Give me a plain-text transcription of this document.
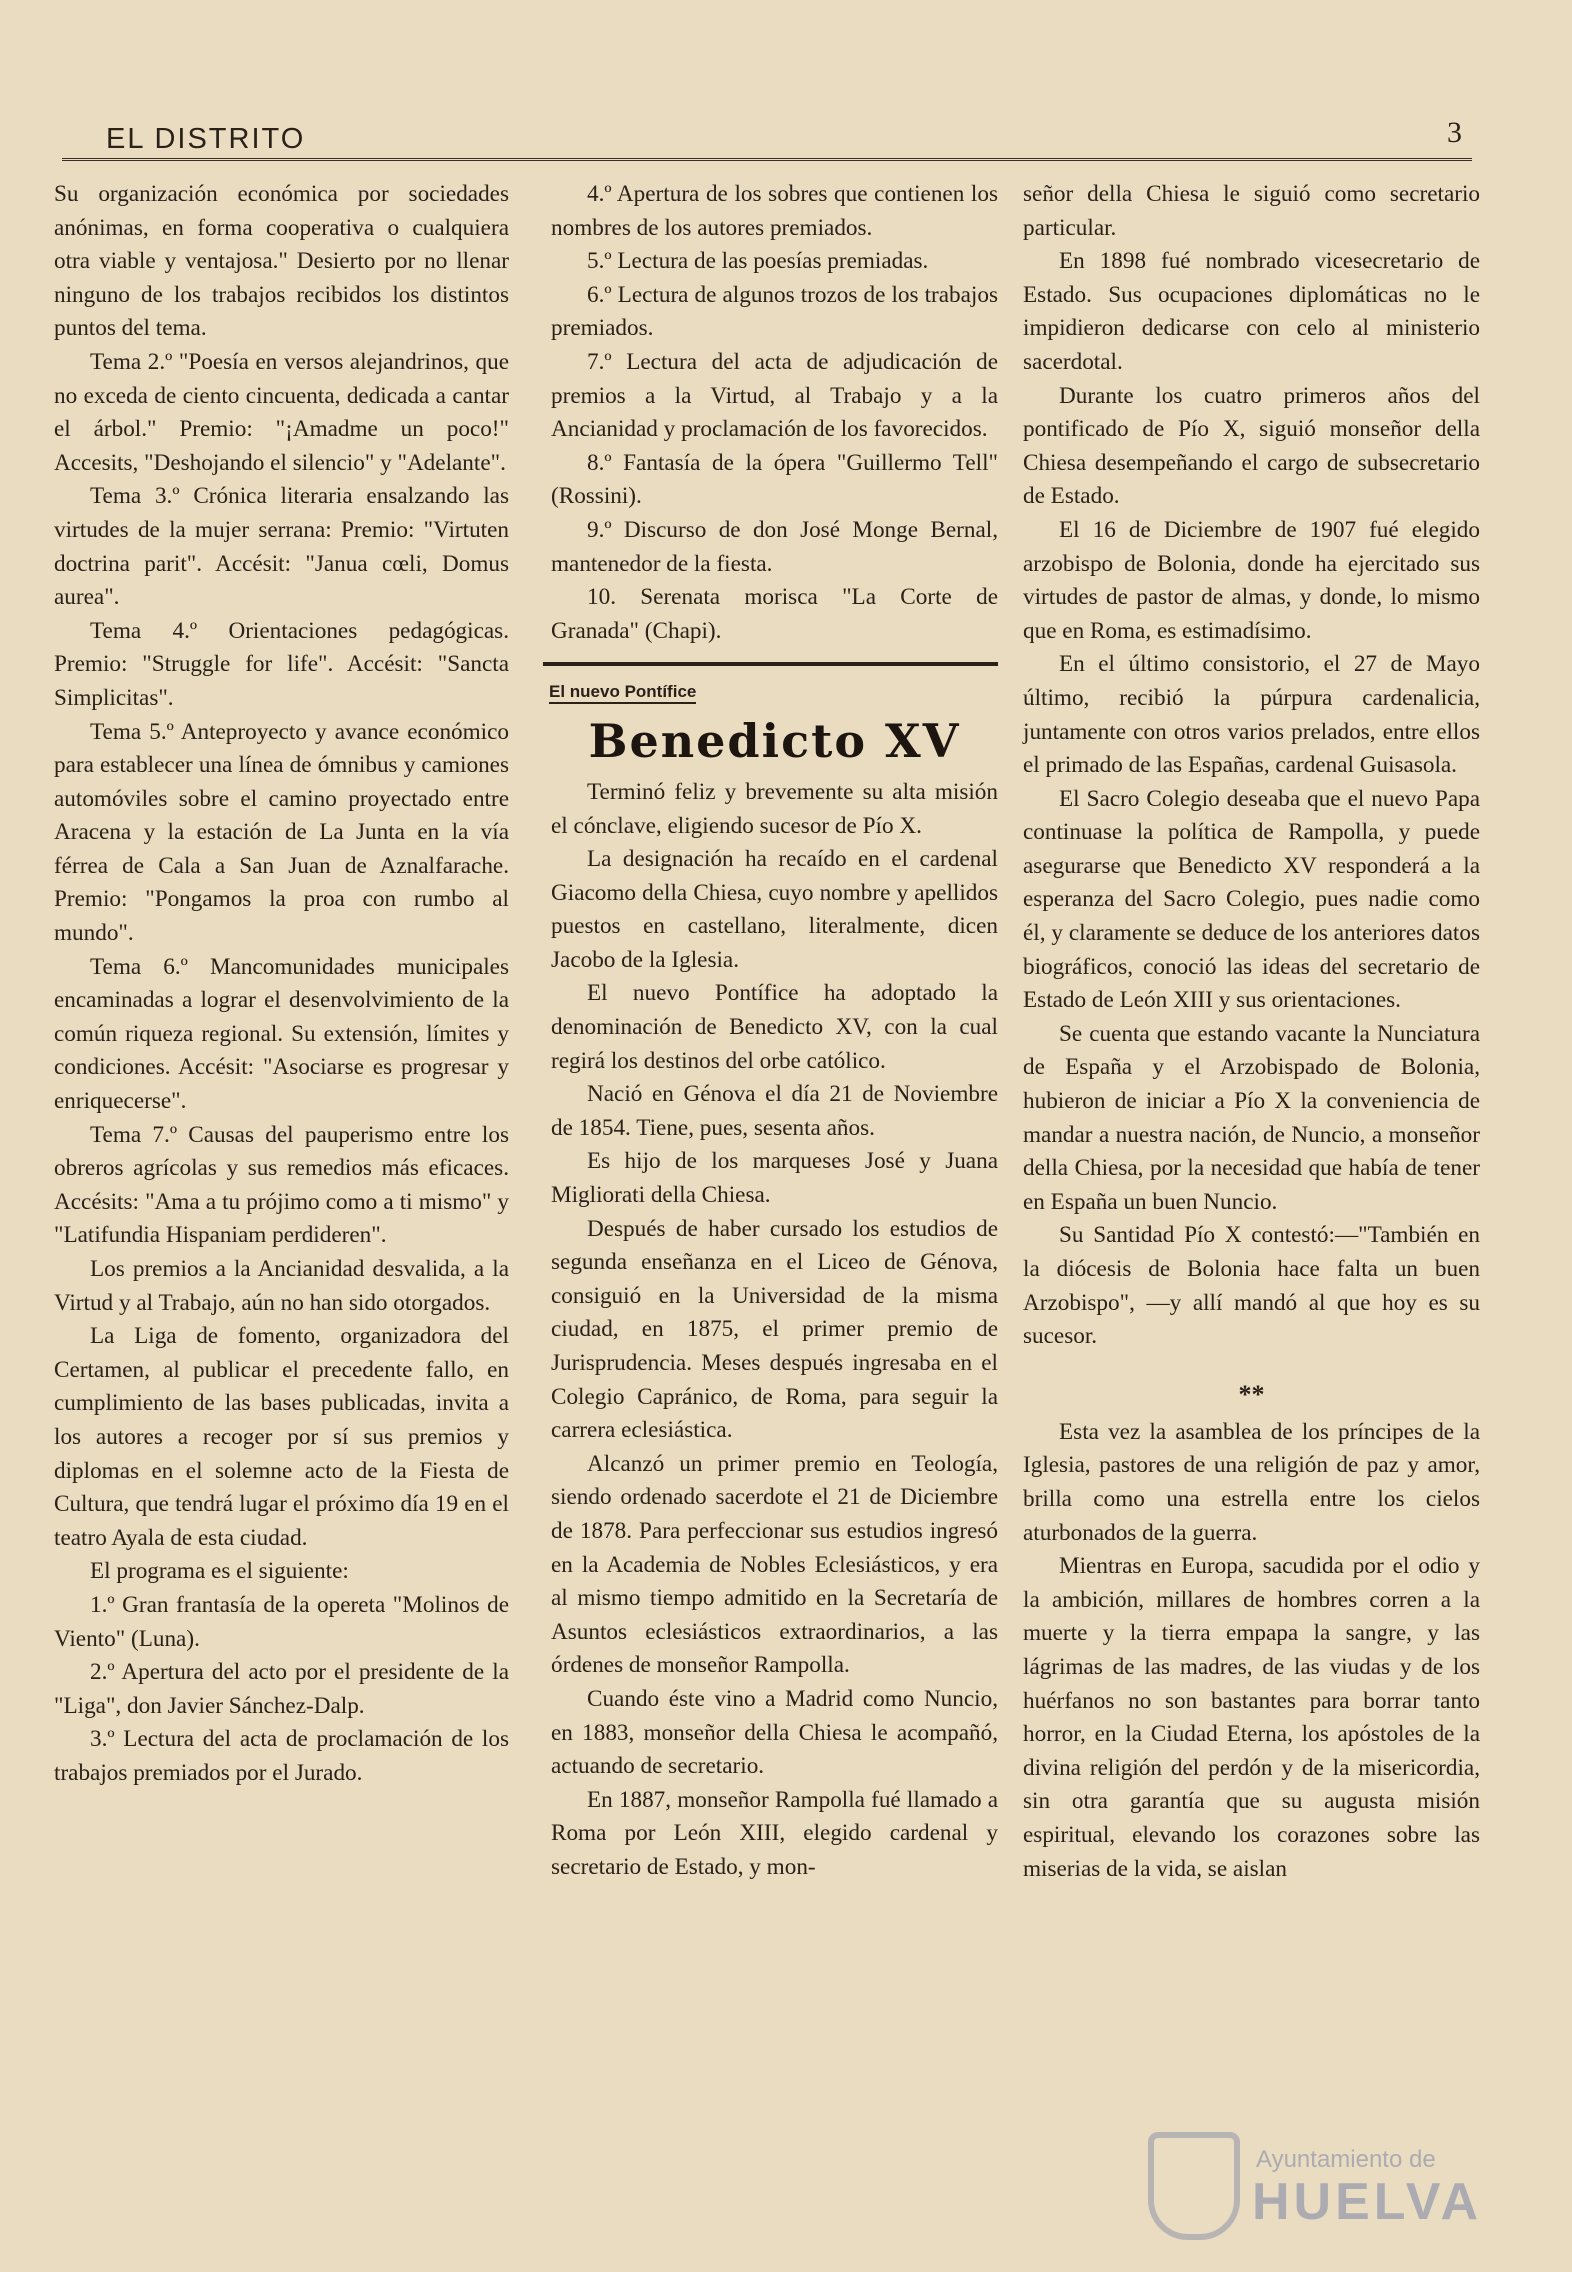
EL DISTRITO	3

Su organización económica por sociedades anónimas, en forma cooperativa o cualquiera otra viable y ventajosa." Desierto por no llenar ninguno de los trabajos recibidos los distintos puntos del tema.

Tema 2.º "Poesía en versos alejandrinos, que no exceda de ciento cincuenta, dedicada a cantar el árbol." Premio: "¡Amadme un poco!" Accesits, "Deshojando el silencio" y "Adelante".

Tema 3.º Crónica literaria ensalzando las virtudes de la mujer serrana: Premio: "Virtuten doctrina parit". Accésit: "Janua cœli, Domus aurea".

Tema 4.º Orientaciones pedagógicas. Premio: "Struggle for life". Accésit: "Sancta Simplicitas".

Tema 5.º Anteproyecto y avance económico para establecer una línea de ómnibus y camiones automóviles sobre el camino proyectado entre Aracena y la estación de La Junta en la vía férrea de Cala a San Juan de Aznalfarache. Premio: "Pongamos la proa con rumbo al mundo".

Tema 6.º Mancomunidades municipales encaminadas a lograr el desenvolvimiento de la común riqueza regional. Su extensión, límites y condiciones. Accésit: "Asociarse es progresar y enriquecerse".

Tema 7.º Causas del pauperismo entre los obreros agrícolas y sus remedios más eficaces. Accésits: "Ama a tu prójimo como a ti mismo" y "Latifundia Hispaniam perdideren".

Los premios a la Ancianidad desvalida, a la Virtud y al Trabajo, aún no han sido otorgados.

La Liga de fomento, organizadora del Certamen, al publicar el precedente fallo, en cumplimiento de las bases publicadas, invita a los autores a recoger por sí sus premios y diplomas en el solemne acto de la Fiesta de Cultura, que tendrá lugar el próximo día 19 en el teatro Ayala de esta ciudad.

El programa es el siguiente:

1.º Gran frantasía de la opereta "Molinos de Viento" (Luna).

2.º Apertura del acto por el presidente de la "Liga", don Javier Sánchez-Dalp.

3.º Lectura del acta de proclamación de los trabajos premiados por el Jurado.

4.º Apertura de los sobres que contienen los nombres de los autores premiados.

5.º Lectura de las poesías premiadas.

6.º Lectura de algunos trozos de los trabajos premiados.

7.º Lectura del acta de adjudicación de premios a la Virtud, al Trabajo y a la Ancianidad y proclamación de los favorecidos.

8.º Fantasía de la ópera "Guillermo Tell" (Rossini).

9.º Discurso de don José Monge Bernal, mantenedor de la fiesta.

10. Serenata morisca "La Corte de Granada" (Chapi).

El nuevo Pontífice
Benedicto XV

Terminó feliz y brevemente su alta misión el cónclave, eligiendo sucesor de Pío X.

La designación ha recaído en el cardenal Giacomo della Chiesa, cuyo nombre y apellidos puestos en castellano, literalmente, dicen Jacobo de la Iglesia.

El nuevo Pontífice ha adoptado la denominación de Benedicto XV, con la cual regirá los destinos del orbe católico.

Nació en Génova el día 21 de Noviembre de 1854. Tiene, pues, sesenta años.

Es hijo de los marqueses José y Juana Migliorati della Chiesa.

Después de haber cursado los estudios de segunda enseñanza en el Liceo de Génova, consiguió en la Universidad de la misma ciudad, en 1875, el primer premio de Jurisprudencia. Meses después ingresaba en el Colegio Capránico, de Roma, para seguir la carrera eclesiástica.

Alcanzó un primer premio en Teología, siendo ordenado sacerdote el 21 de Diciembre de 1878. Para perfeccionar sus estudios ingresó en la Academia de Nobles Eclesiásticos, y era al mismo tiempo admitido en la Secretaría de Asuntos eclesiásticos extraordinarios, a las órdenes de monseñor Rampolla.

Cuando éste vino a Madrid como Nuncio, en 1883, monseñor della Chiesa le acompañó, actuando de secretario.

En 1887, monseñor Rampolla fué llamado a Roma por León XIII, elegido cardenal y secretario de Estado, y mon-

señor della Chiesa le siguió como secretario particular.

En 1898 fué nombrado vicesecretario de Estado. Sus ocupaciones diplomáticas no le impidieron dedicarse con celo al ministerio sacerdotal.

Durante los cuatro primeros años del pontificado de Pío X, siguió monseñor della Chiesa desempeñando el cargo de subsecretario de Estado.

El 16 de Diciembre de 1907 fué elegido arzobispo de Bolonia, donde ha ejercitado sus virtudes de pastor de almas, y donde, lo mismo que en Roma, es estimadísimo.

En el último consistorio, el 27 de Mayo último, recibió la púrpura cardenalicia, juntamente con otros varios prelados, entre ellos el primado de las Españas, cardenal Guisasola.

El Sacro Colegio deseaba que el nuevo Papa continuase la política de Rampolla, y puede asegurarse que Benedicto XV responderá a la esperanza del Sacro Colegio, pues nadie como él, y claramente se deduce de los anteriores datos biográficos, conoció las ideas del secretario de Estado de León XIII y sus orientaciones.

Se cuenta que estando vacante la Nunciatura de España y el Arzobispado de Bolonia, hubieron de iniciar a Pío X la conveniencia de mandar a nuestra nación, de Nuncio, a monseñor della Chiesa, por la necesidad que había de tener en España un buen Nuncio.

Su Santidad Pío X contestó:—"También en la diócesis de Bolonia hace falta un buen Arzobispo", —y allí mandó al que hoy es su sucesor.

**

Esta vez la asamblea de los príncipes de la Iglesia, pastores de una religión de paz y amor, brilla como una estrella entre los cielos aturbonados de la guerra.

Mientras en Europa, sacudida por el odio y la ambición, millares de hombres corren a la muerte y la tierra empapa la sangre, y las lágrimas de las madres, de las viudas y de los huérfanos no son bastantes para borrar tanto horror, en la Ciudad Eterna, los apóstoles de la divina religión del perdón y de la misericordia, sin otra garantía que su augusta misión espiritual, elevando los corazones sobre las miserias de la vida, se aislan

Ayuntamiento de
HUELVA
